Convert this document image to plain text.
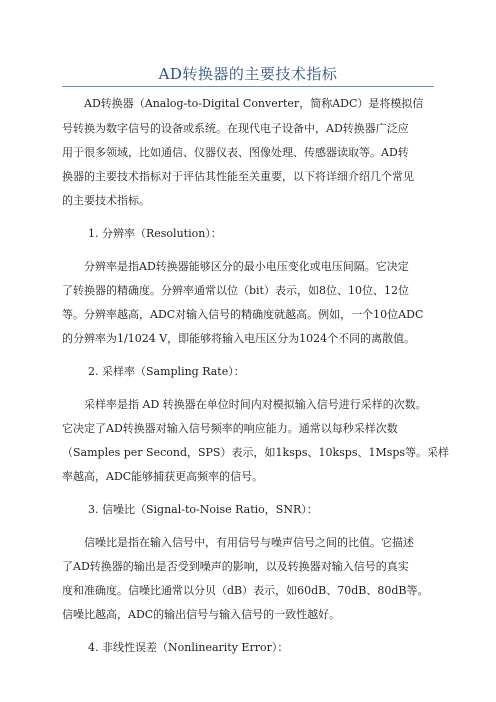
AD转换器的主要技术指标
AD转换器（Analog-to-Digital Converter，简称ADC）是将模拟信
号转换为数字信号的设备或系统。在现代电子设备中，AD转换器广泛应
用于很多领域，比如通信、仪器仪表、图像处理、传感器读取等。AD转
换器的主要技术指标对于评估其性能至关重要，以下将详细介绍几个常见
的主要技术指标。
1. 分辨率（Resolution）：
分辨率是指AD转换器能够区分的最小电压变化或电压间隔。它决定
了转换器的精确度。分辨率通常以位（bit）表示，如8位、10位、12位
等。分辨率越高，ADC对输入信号的精确度就越高。例如，一个10位ADC
的分辨率为1/1024 V，即能够将输入电压区分为1024个不同的离散值。
2. 采样率（Sampling Rate）：
采样率是指 AD 转换器在单位时间内对模拟输入信号进行采样的次数。
它决定了AD转换器对输入信号频率的响应能力。通常以每秒采样次数
（Samples per Second，SPS）表示，如1ksps、10ksps、1Msps等。采样
率越高，ADC能够捕获更高频率的信号。
3. 信噪比（Signal-to-Noise Ratio，SNR）：
信噪比是指在输入信号中，有用信号与噪声信号之间的比值。它描述
了AD转换器的输出是否受到噪声的影响，以及转换器对输入信号的真实
度和准确度。信噪比通常以分贝（dB）表示，如60dB、70dB、80dB等。
信噪比越高，ADC的输出信号与输入信号的一致性越好。
4. 非线性误差（Nonlinearity Error）：
